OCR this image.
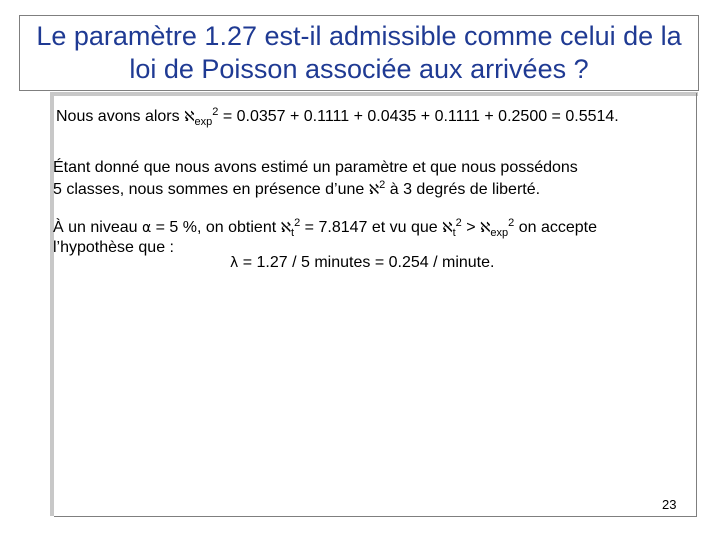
Le paramètre 1.27 est-il admissible comme celui de la
loi de Poisson associée aux arrivées ?
Nous avons alors ℵ$_{exp}^2$ = 0.0357 + 0.1111 + 0.0435 + 0.1111 + 0.2500 = 0.5514.
Étant donné que nous avons estimé un paramètre et que nous possédons
5 classes, nous sommes en présence d’une ℵ$^2$ à 3 degrés de liberté.
À un niveau α = 5 %, on obtient ℵ$_t^2$ = 7.8147 et vu que ℵ$_t^2$ > ℵ$_{exp}^2$ on accepte
l’hypothèse que :
λ = 1.27 / 5 minutes = 0.254 / minute.
23
